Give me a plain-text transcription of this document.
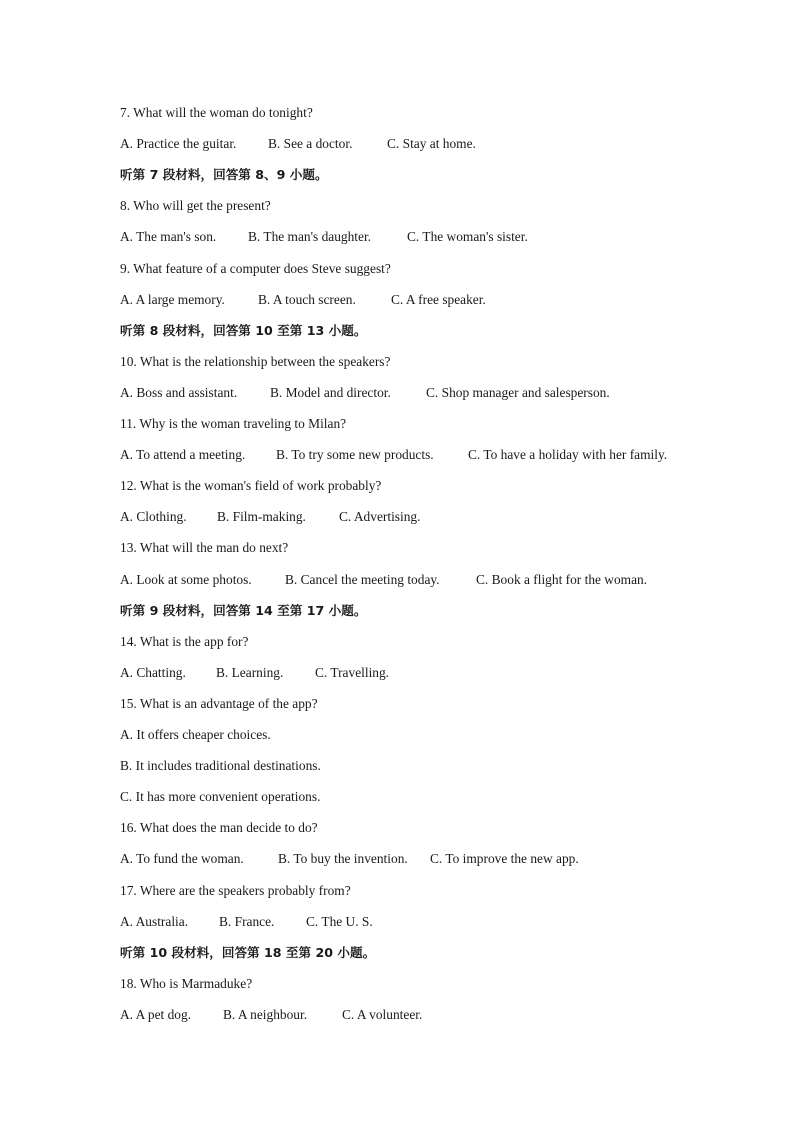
7. What will the woman do tonight?
A. Practice the guitar. B. See a doctor.	C. Stay at home.
听第 7 段材料，回答第 8、9 小题。
8. Who will get the present?
A. The man's son. B. The man's daughter.	C. The woman's sister.
9. What feature of a computer does Steve suggest?
A. A large memory. B. A touch screen.	C. A free speaker.
听第 8 段材料，回答第 10 至第 13 小题。
10. What is the relationship between the speakers?
A. Boss and assistant. B. Model and director.	C. Shop manager and salesperson.
11. Why is the woman traveling to Milan?
A. To attend a meeting. B. To try some new products.	C. To have a holiday with her family.
12. What is the woman's field of work probably?
A. Clothing. B. Film-making. C. Advertising.
13. What will the man do next?
A. Look at some photos. B. Cancel the meeting today.	C. Book a flight for the woman.
听第 9 段材料，回答第 14 至第 17 小题。
14. What is the app for?
A. Chatting. B. Learning. C. Travelling.
15. What is an advantage of the app?
A. It offers cheaper choices.
B. It includes traditional destinations.
C. It has more convenient operations.
16. What does the man decide to do?
A. To fund the woman.	B. To buy the invention. C. To improve the new app.
17. Where are the speakers probably from?
A. Australia. B. France. C. The U. S.
听第 10 段材料，回答第 18 至第 20 小题。
18. Who is Marmaduke?
A. A pet dog. B. A neighbour.	C. A volunteer.
